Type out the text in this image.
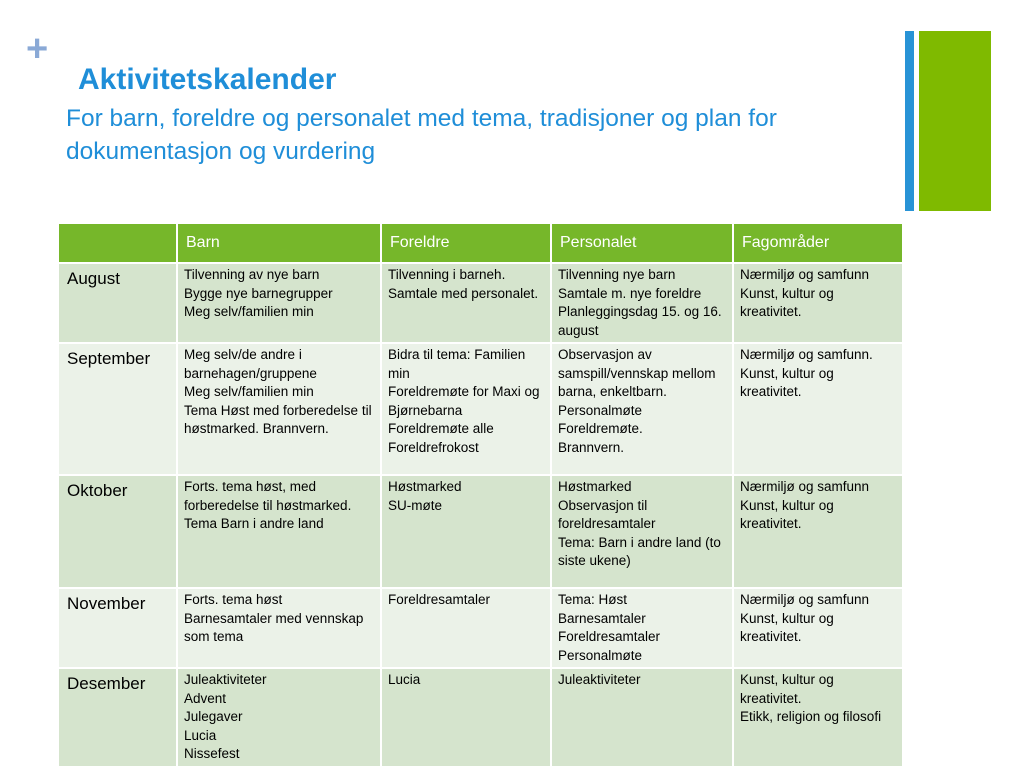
+
Aktivitetskalender
For barn, foreldre og personalet med tema, tradisjoner og plan for dokumentasjon og vurdering
	Barn	Foreldre	Personalet	Fagområder
August	Tilvenning av nye barn
Bygge nye barnegrupper
Meg selv/familien min	Tilvenning i barneh.
Samtale med personalet.	Tilvenning nye barn
Samtale m. nye foreldre
Planleggingsdag 15. og 16. august	Nærmiljø og samfunn
Kunst, kultur og kreativitet.
September	Meg selv/de andre i barnehagen/gruppene
Meg selv/familien min
Tema Høst med forberedelse til høstmarked. Brannvern.	Bidra til tema: Familien min
Foreldremøte for Maxi og Bjørnebarna
Foreldremøte alle
Foreldrefrokost	Observasjon av samspill/vennskap mellom barna, enkeltbarn.
Personalmøte
Foreldremøte.
Brannvern.	Nærmiljø og samfunn.
Kunst, kultur og kreativitet.
Oktober	Forts. tema høst, med forberedelse til høstmarked.
Tema Barn i andre land	Høstmarked
SU-møte	Høstmarked
Observasjon til foreldresamtaler
Tema: Barn i andre land (to siste ukene)	Nærmiljø og samfunn
Kunst, kultur og kreativitet.
November	Forts. tema høst
Barnesamtaler med vennskap som tema	Foreldresamtaler	Tema: Høst
Barnesamtaler
Foreldresamtaler
Personalmøte	Nærmiljø og samfunn
Kunst, kultur og kreativitet.
Desember	Juleaktiviteter
Advent
Julegaver
Lucia
Nissefest	Lucia	Juleaktiviteter	Kunst, kultur og kreativitet.
Etikk, religion og filosofi
